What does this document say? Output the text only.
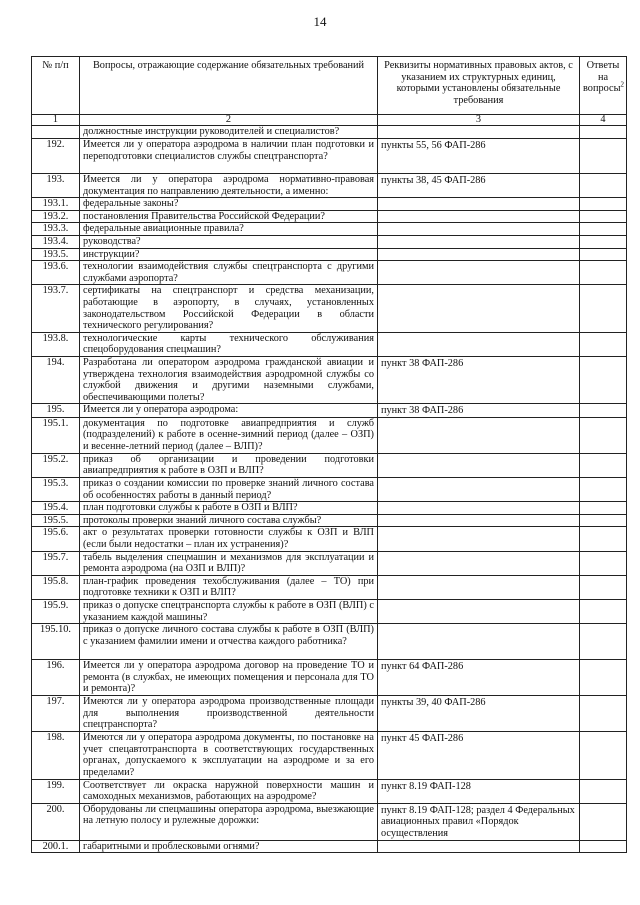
14
№ п/п	Вопросы, отражающие содержание обязательных требований	Реквизиты нормативных правовых актов, с указанием их структурных единиц, которыми установлены обязательные требования	Ответы на вопросы$^2$
1	2	3	4
	должностные инструкции руководителей и специалистов?		
192.	Имеется ли у оператора аэродрома в наличии план подготовки и переподготовки специалистов службы спецтранспорта?	пункты 55, 56 ФАП-286	
193.	Имеется ли у оператора аэродрома нормативно-правовая документация по направлению деятельности, а именно:	пункты 38, 45 ФАП-286	
193.1.	федеральные законы?		
193.2.	постановления Правительства Российской Федерации?		
193.3.	федеральные авиационные правила?		
193.4.	руководства?		
193.5.	инструкции?		
193.6.	технологии взаимодействия службы спецтранспорта с другими службами аэропорта?		
193.7.	сертификаты на спецтранспорт и средства механизации, работающие в аэропорту, в случаях, установленных законодательством Российской Федерации в области технического регулирования?		
193.8.	технологические карты технического обслуживания спецоборудования спецмашин?		
194.	Разработана ли оператором аэродрома гражданской авиации и утверждена технология взаимодействия аэродромной службы со службой движения и другими наземными службами, обеспечивающими полеты?	пункт 38 ФАП-286	
195.	Имеется ли у оператора аэродрома:	пункт 38 ФАП-286	
195.1.	документация по подготовке авиапредприятия и служб (подразделений) к работе в осенне-зимний период (далее – ОЗП) и весенне-летний период (далее – ВЛП)?		
195.2.	приказ об организации и проведении подготовки авиапредприятия к работе в ОЗП и ВЛП?		
195.3.	приказ о создании комиссии по проверке знаний личного состава об особенностях работы в данный период?		
195.4.	план подготовки службы к работе в ОЗП и ВЛП?		
195.5.	протоколы проверки знаний личного состава службы?		
195.6.	акт о результатах проверки готовности службы к ОЗП и ВЛП (если были недостатки – план их устранения)?		
195.7.	табель выделения спецмашин и механизмов для эксплуатации и ремонта аэродрома (на ОЗП и ВЛП)?		
195.8.	план-график проведения техобслуживания (далее – ТО) при подготовке техники к ОЗП и ВЛП?		
195.9.	приказ о допуске спецтранспорта службы к работе в ОЗП (ВЛП) с указанием каждой машины?		
195.10.	приказ о допуске личного состава службы к работе в ОЗП (ВЛП) с указанием фамилии имени и отчества каждого работника?		
196.	Имеется ли у оператора аэродрома договор на проведение ТО и ремонта (в службах, не имеющих помещения и персонала для ТО и ремонта)?	пункт 64 ФАП-286	
197.	Имеются ли у оператора аэродрома производственные площади для выполнения производственной деятельности спецтранспорта?	пункты 39, 40 ФАП-286	
198.	Имеются ли у оператора аэродрома документы, по постановке на учет спецавтотранспорта в соответствующих государственных органах, допускаемого к эксплуатации на аэродроме и за его пределами?	пункт 45 ФАП-286	
199.	Соответствует ли окраска наружной поверхности машин и самоходных механизмов, работающих на аэродроме?	пункт 8.19 ФАП-128	
200.	Оборудованы ли спецмашины оператора аэродрома, выезжающие на летную полосу и рулежные дорожки:	пункт 8.19 ФАП-128; раздел 4 Федеральных авиационных правил «Порядок осуществления	
200.1.	габаритными и проблесковыми огнями?		
